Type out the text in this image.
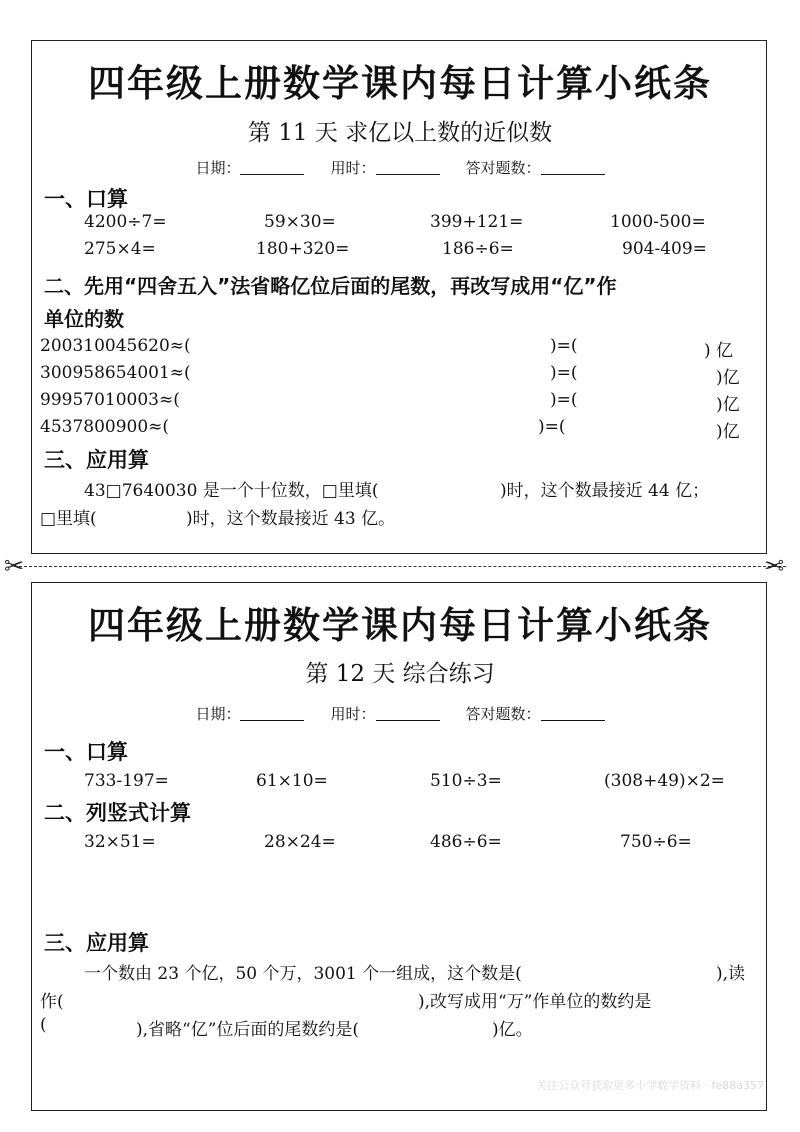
四年级上册数学课内每日计算小纸条
第 11 天 求亿以上数的近似数
日期：	用时：	答对题数：
一、口算
4200÷7=	59×30=	399+121=	1000-500=
275×4=	180+320=	186÷6=	904-409=
二、先用“四舍五入”法省略亿位后面的尾数，再改写成用“亿”作
单位的数
200310045620≈(	)=(	) 亿
300958654001≈(	)=(	)亿
99957010003≈(	)=(	)亿
4537800900≈(	)=(	)亿
三、应用算
43□7640030 是一个十位数，□里填(	)时，这个数最接近 44 亿；
□里填(	)时，这个数最接近 43 亿。
✂	✂
四年级上册数学课内每日计算小纸条
第 12 天 综合练习
日期：	用时：	答对题数：
一、口算
733-197=	61×10=	510÷3=	(308+49)×2=
二、列竖式计算
32×51=	28×24=	486÷6=	750÷6=
三、应用算
一个数由 23 个亿，50 个万，3001 个一组成，这个数是(	),读
作(	),改写成用“万”作单位的数约是
(	),省略“亿”位后面的尾数约是(	)亿。
关注公众号获取更多小学数学资料 · fe88a357
